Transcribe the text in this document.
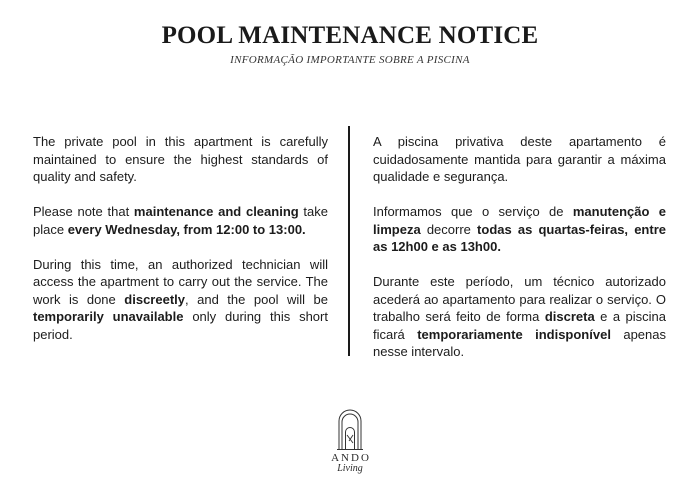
POOL MAINTENANCE NOTICE
INFORMAÇÃO IMPORTANTE SOBRE A PISCINA

The private pool in this apartment is carefully maintained to ensure the highest standards of quality and safety.

Please note that maintenance and cleaning take place every Wednesday, from 12:00 to 13:00.

During this time, an authorized technician will access the apartment to carry out the service. The work is done discreetly, and the pool will be temporarily unavailable only during this short period.

A piscina privativa deste apartamento é cuidadosamente mantida para garantir a máxima qualidade e segurança.

Informamos que o serviço de manutenção e limpeza decorre todas as quartas-feiras, entre as 12h00 e as 13h00.

Durante este período, um técnico autorizado acederá ao apartamento para realizar o serviço. O trabalho será feito de forma discreta e a piscina ficará temporariamente indisponível apenas nesse intervalo.

ANDO
Living
